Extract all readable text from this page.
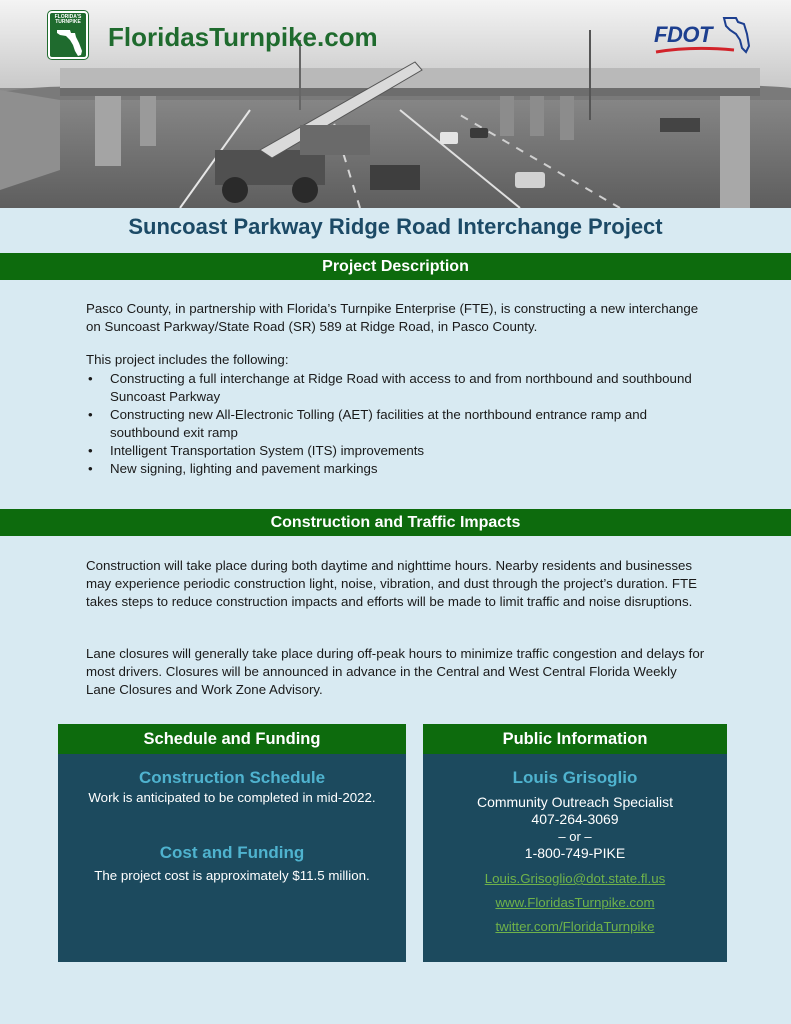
FLORIDA'S TURNPIKE FloridasTurnpike.com	FDOT
Suncoast Parkway Ridge Road Interchange Project
Project Description
Pasco County, in partnership with Florida’s Turnpike Enterprise (FTE), is constructing a new interchange on Suncoast Parkway/State Road (SR) 589 at Ridge Road, in Pasco County.
This project includes the following:
• Constructing a full interchange at Ridge Road with access to and from northbound and southbound Suncoast Parkway
• Constructing new All-Electronic Tolling (AET) facilities at the northbound entrance ramp and southbound exit ramp
• Intelligent Transportation System (ITS) improvements
• New signing, lighting and pavement markings
Construction and Traffic Impacts
Construction will take place during both daytime and nighttime hours. Nearby residents and businesses may experience periodic construction light, noise, vibration, and dust through the project’s duration. FTE takes steps to reduce construction impacts and efforts will be made to limit traffic and noise disruptions.
Lane closures will generally take place during off-peak hours to minimize traffic congestion and delays for most drivers. Closures will be announced in advance in the Central and West Central Florida Weekly Lane Closures and Work Zone Advisory.
Schedule and Funding
Construction Schedule
Work is anticipated to be completed in mid-2022.
Cost and Funding
The project cost is approximately $11.5 million.
Public Information
Louis Grisoglio
Community Outreach Specialist
407-264-3069
– or –
1-800-749-PIKE
Louis.Grisoglio@dot.state.fl.us
www.FloridasTurnpike.com
twitter.com/FloridaTurnpike
